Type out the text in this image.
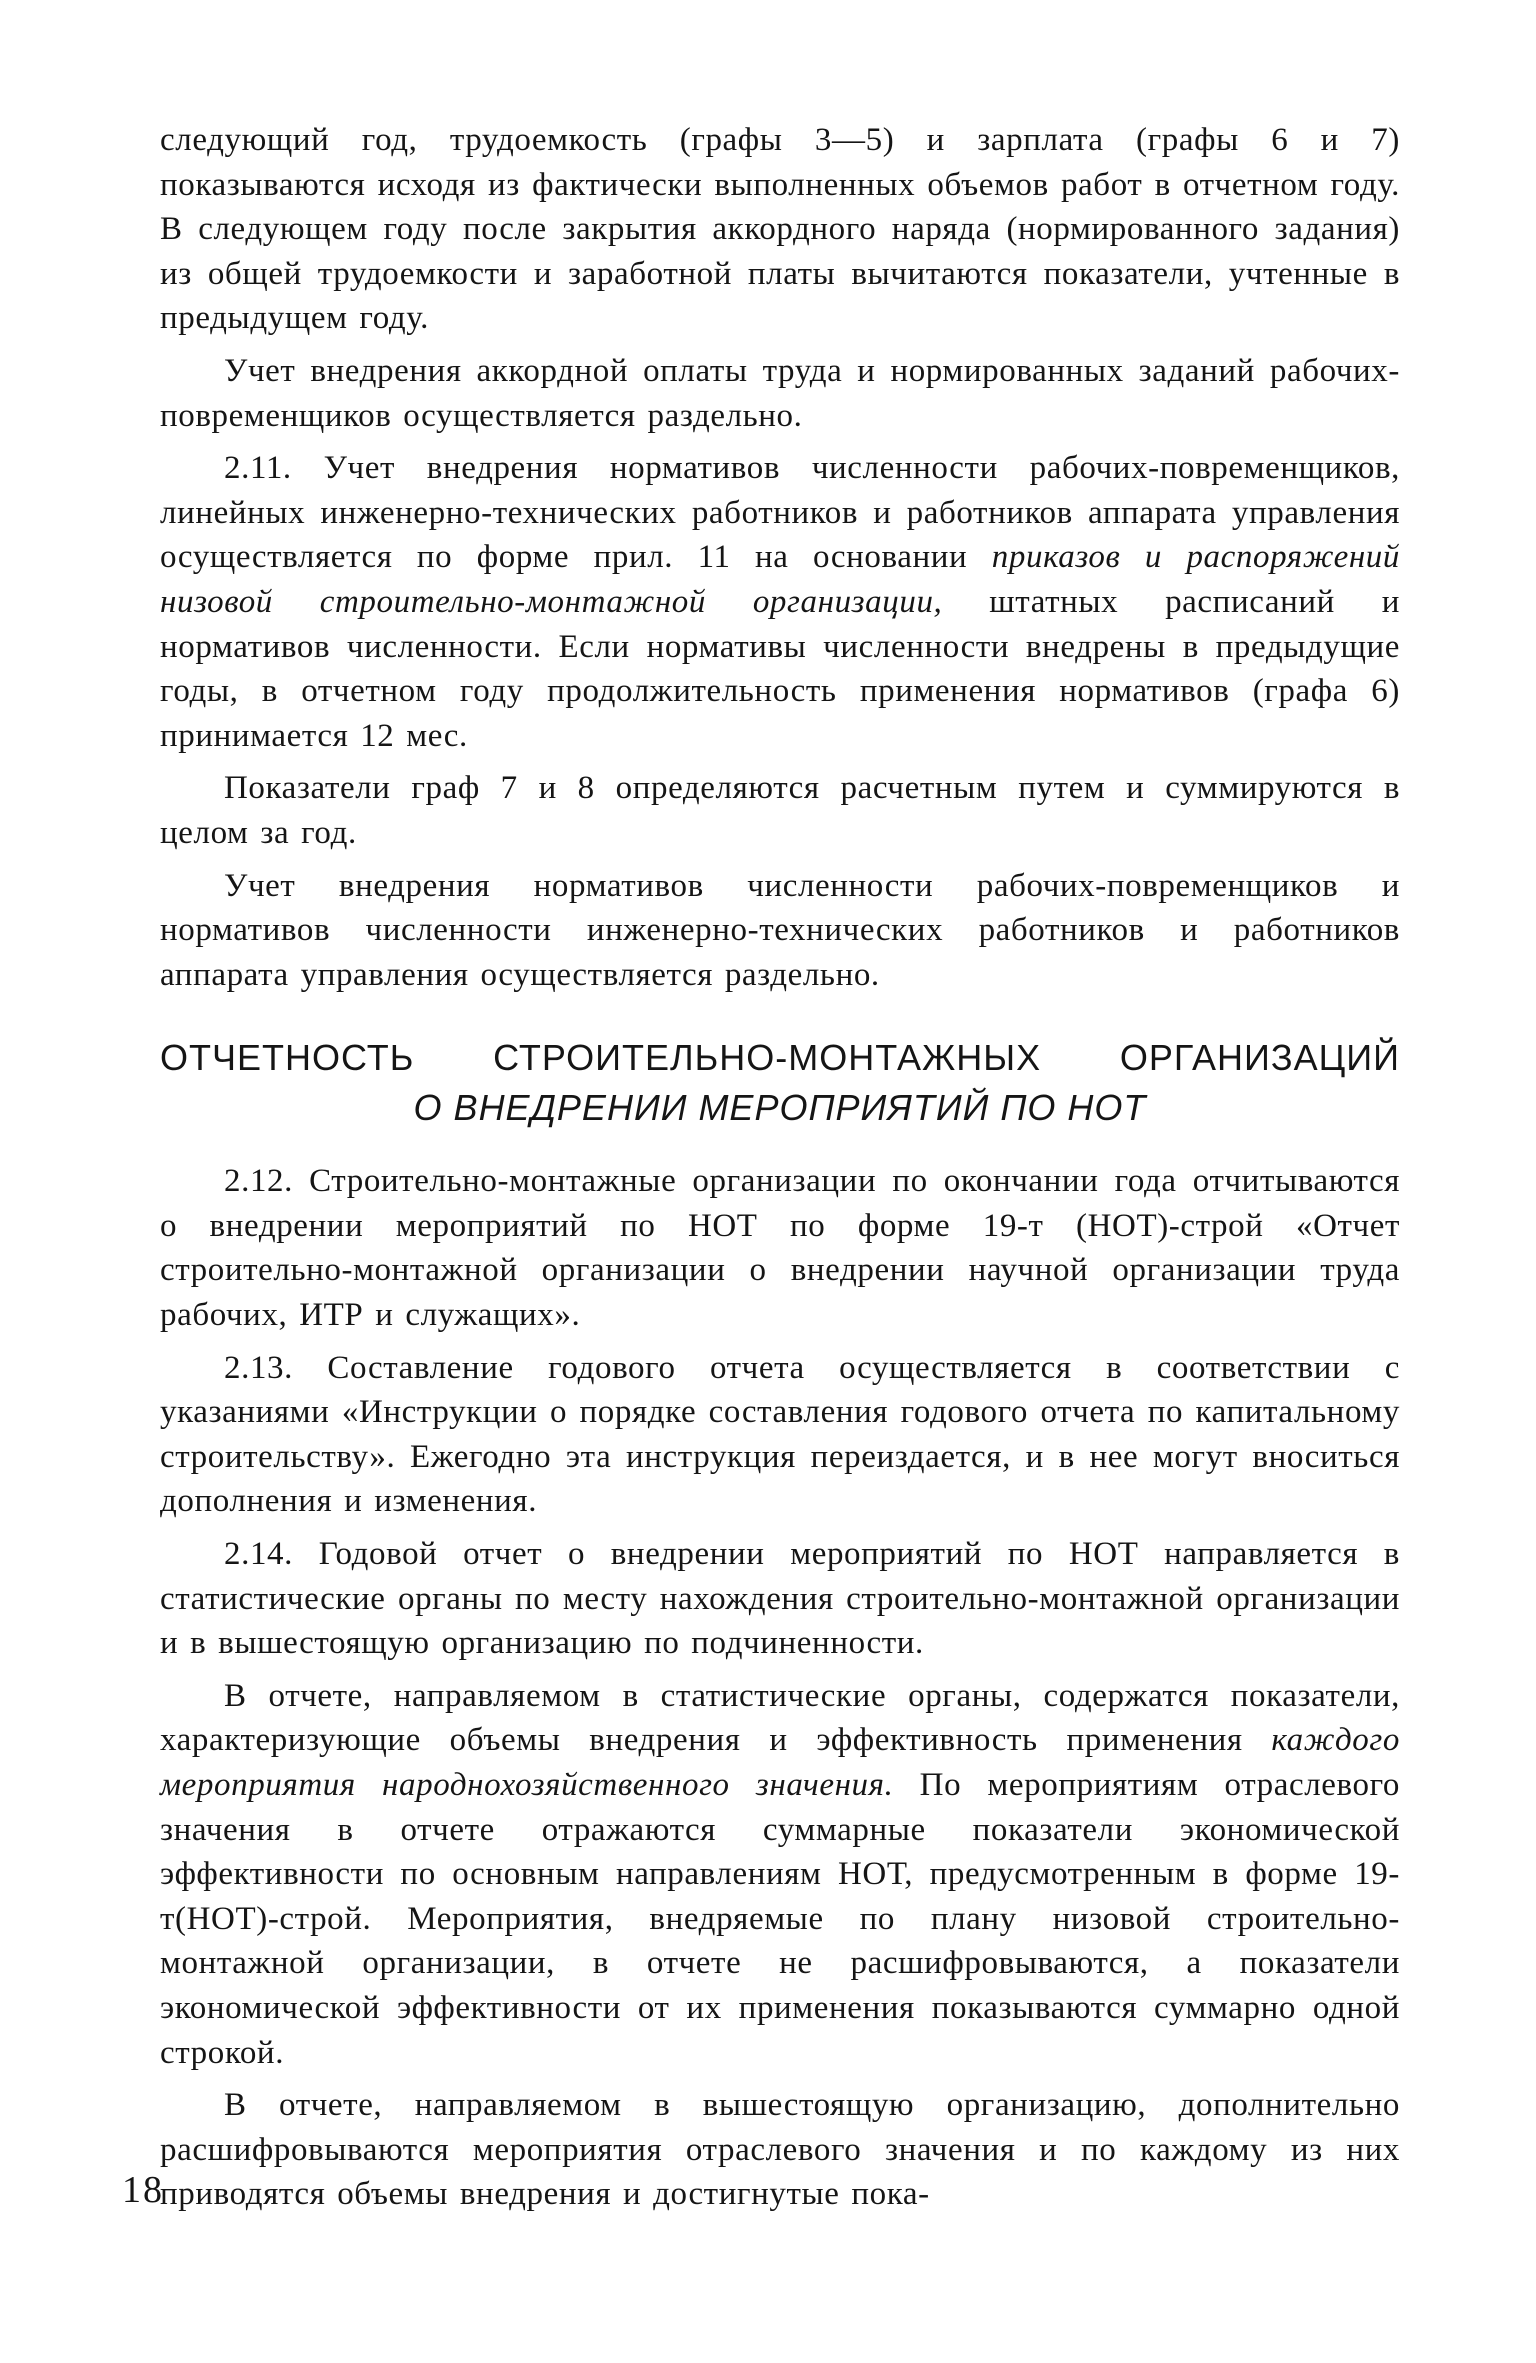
следующий год, трудоемкость (графы 3—5) и зарплата (графы 6 и 7) показываются исходя из фактически выполненных объемов работ в отчетном году. В следующем году после закрытия аккордного наряда (нормированного задания) из общей трудоемкости и заработной платы вычитаются показатели, учтенные в предыдущем году.

Учет внедрения аккордной оплаты труда и нормированных заданий рабочих-повременщиков осуществляется раздельно.

2.11. Учет внедрения нормативов численности рабочих-повременщиков, линейных инженерно-технических работников и работников аппарата управления осуществляется по форме прил. 11 на основании приказов и распоряжений низовой строительно-монтажной организации, штатных расписаний и нормативов численности. Если нормативы численности внедрены в предыдущие годы, в отчетном году продолжительность применения нормативов (графа 6) принимается 12 мес.

Показатели граф 7 и 8 определяются расчетным путем и суммируются в целом за год.

Учет внедрения нормативов численности рабочих-повременщиков и нормативов численности инженерно-технических работников и работников аппарата управления осуществляется раздельно.

ОТЧЕТНОСТЬ СТРОИТЕЛЬНО-МОНТАЖНЫХ ОРГАНИЗАЦИЙ
О ВНЕДРЕНИИ МЕРОПРИЯТИЙ ПО НОТ

2.12. Строительно-монтажные организации по окончании года отчитываются о внедрении мероприятий по НОТ по форме 19-т (НОТ)-строй «Отчет строительно-монтажной организации о внедрении научной организации труда рабочих, ИТР и служащих».

2.13. Составление годового отчета осуществляется в соответствии с указаниями «Инструкции о порядке составления годового отчета по капитальному строительству». Ежегодно эта инструкция переиздается, и в нее могут вноситься дополнения и изменения.

2.14. Годовой отчет о внедрении мероприятий по НОТ направляется в статистические органы по месту нахождения строительно-монтажной организации и в вышестоящую организацию по подчиненности.

В отчете, направляемом в статистические органы, содержатся показатели, характеризующие объемы внедрения и эффективность применения каждого мероприятия народнохозяйственного значения. По мероприятиям отраслевого значения в отчете отражаются суммарные показатели экономической эффективности по основным направлениям НОТ, предусмотренным в форме 19-т(НОТ)-строй. Мероприятия, внедряемые по плану низовой строительно-монтажной организации, в отчете не расшифровываются, а показатели экономической эффективности от их применения показываются суммарно одной строкой.

В отчете, направляемом в вышестоящую организацию, дополнительно расшифровываются мероприятия отраслевого значения и по каждому из них приводятся объемы внедрения и достигнутые пока-

18
